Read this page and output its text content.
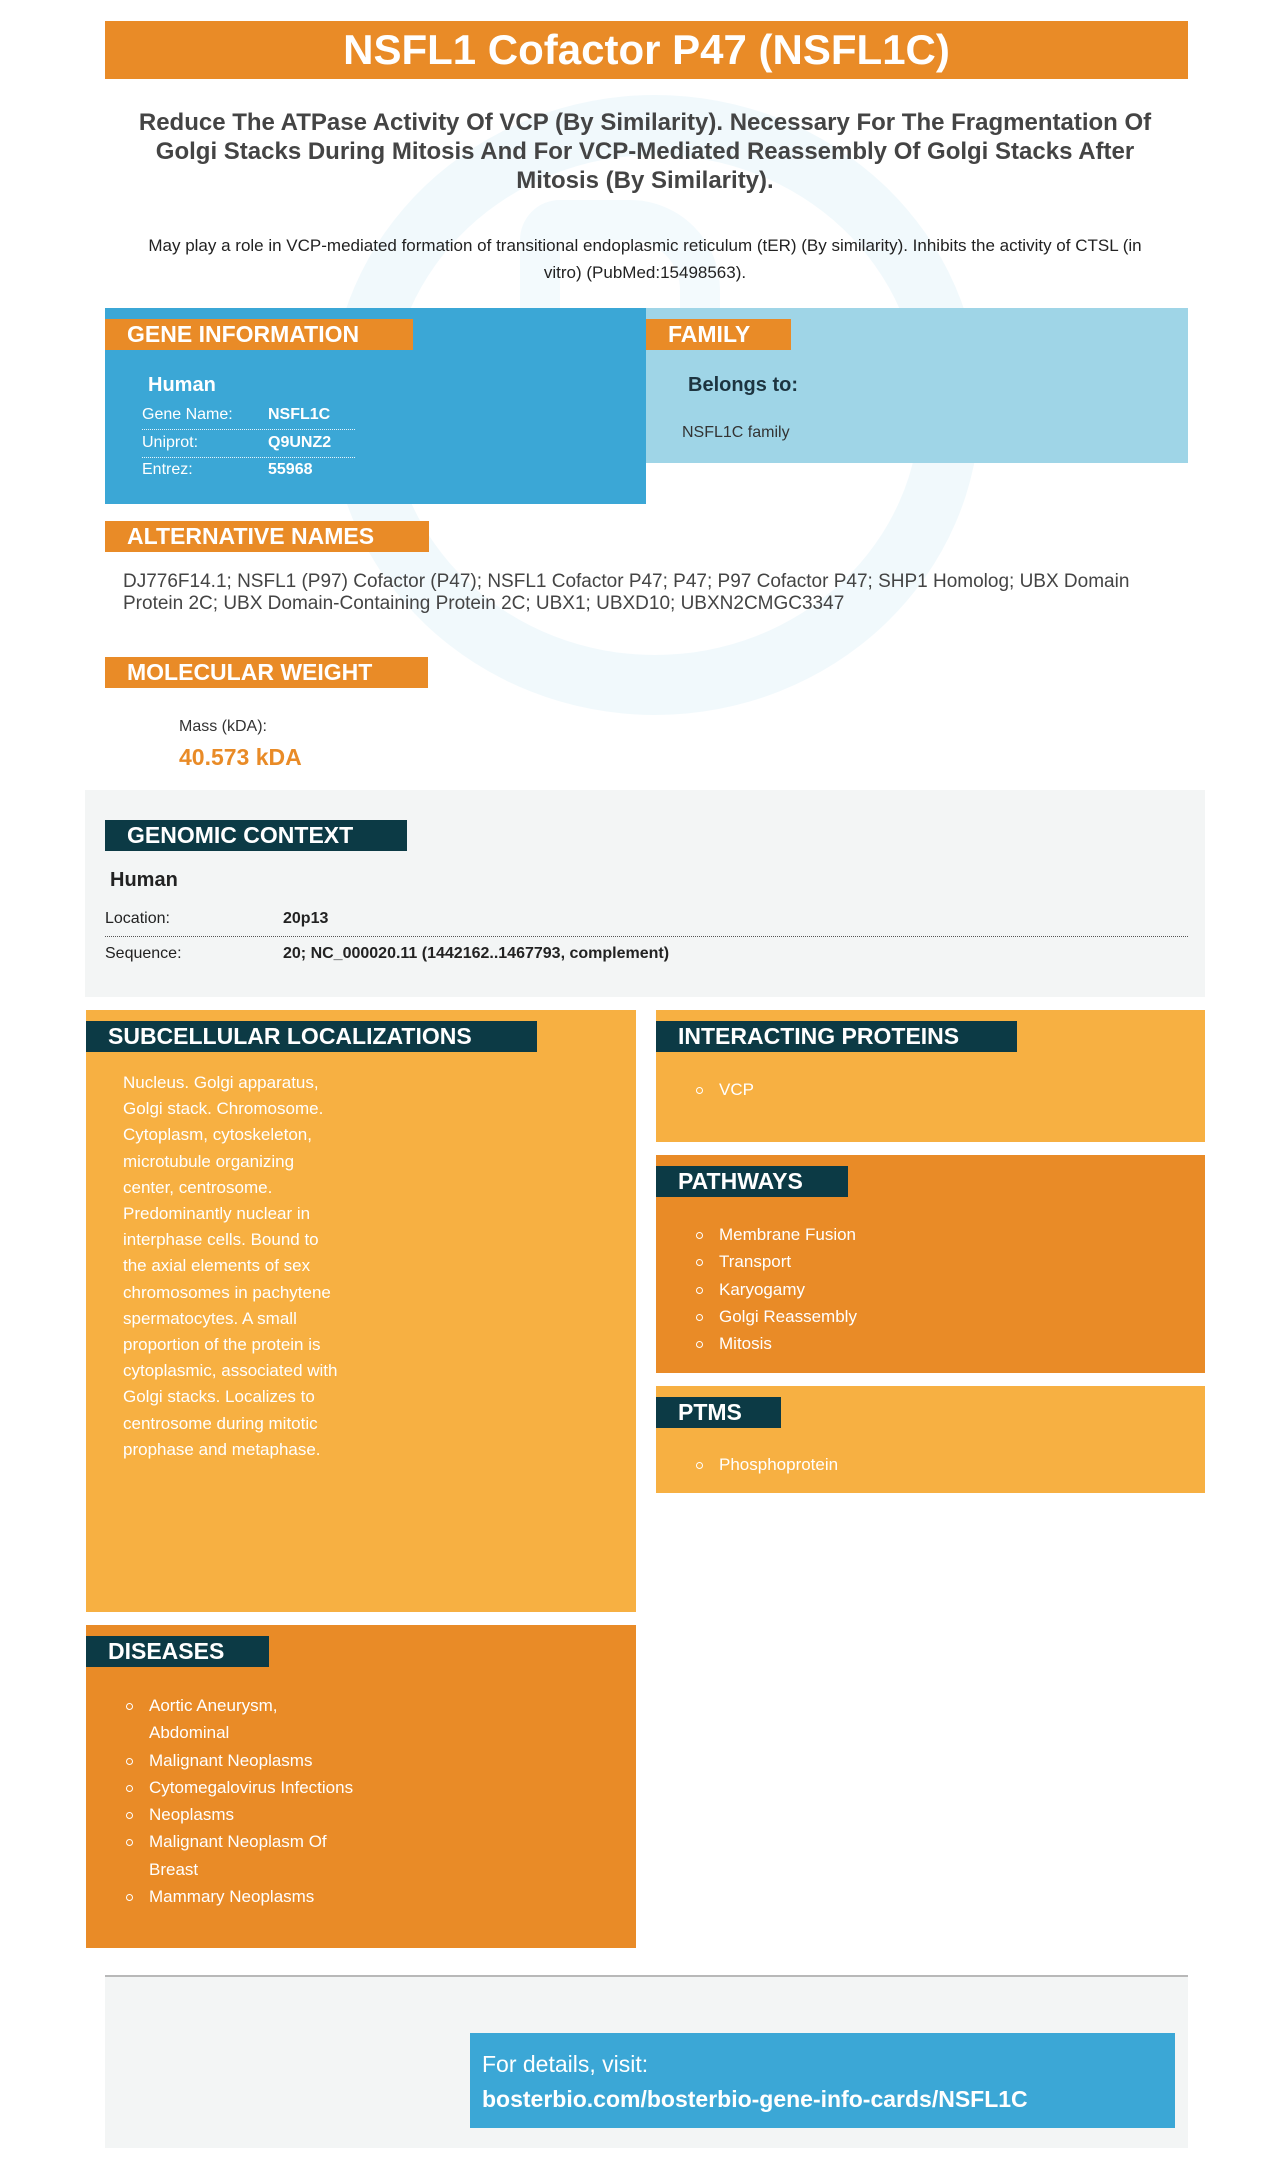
NSFL1 Cofactor P47 (NSFL1C)
Reduce The ATPase Activity Of VCP (By Similarity). Necessary For The Fragmentation Of Golgi Stacks During Mitosis And For VCP-Mediated Reassembly Of Golgi Stacks After Mitosis (By Similarity).
May play a role in VCP-mediated formation of transitional endoplasmic reticulum (tER) (By similarity). Inhibits the activity of CTSL (in vitro) (PubMed:15498563).
GENE INFORMATION
Human
Gene Name: NSFL1C
Uniprot:	Q9UNZ2
Entrez:	55968
FAMILY
Belongs to:
NSFL1C family
ALTERNATIVE NAMES
DJ776F14.1; NSFL1 (P97) Cofactor (P47); NSFL1 Cofactor P47; P47; P97 Cofactor P47; SHP1 Homolog; UBX Domain Protein 2C; UBX Domain-Containing Protein 2C; UBX1; UBXD10; UBXN2CMGC3347
MOLECULAR WEIGHT
Mass (kDA):
40.573 kDA
GENOMIC CONTEXT
Human
Location:	20p13
Sequence:	20; NC_000020.11 (1442162..1467793, complement)
SUBCELLULAR LOCALIZATIONS
Nucleus. Golgi apparatus, Golgi stack. Chromosome. Cytoplasm, cytoskeleton, microtubule organizing center, centrosome. Predominantly nuclear in interphase cells. Bound to the axial elements of sex chromosomes in pachytene spermatocytes. A small proportion of the protein is cytoplasmic, associated with Golgi stacks. Localizes to centrosome during mitotic prophase and metaphase.
DISEASES
Aortic Aneurysm, Abdominal
Malignant Neoplasms
Cytomegalovirus Infections
Neoplasms
Malignant Neoplasm Of Breast
Mammary Neoplasms
INTERACTING PROTEINS
VCP
PATHWAYS
Membrane Fusion
Transport
Karyogamy
Golgi Reassembly
Mitosis
PTMS
Phosphoprotein
For details, visit:
bosterbio.com/bosterbio-gene-info-cards/NSFL1C
